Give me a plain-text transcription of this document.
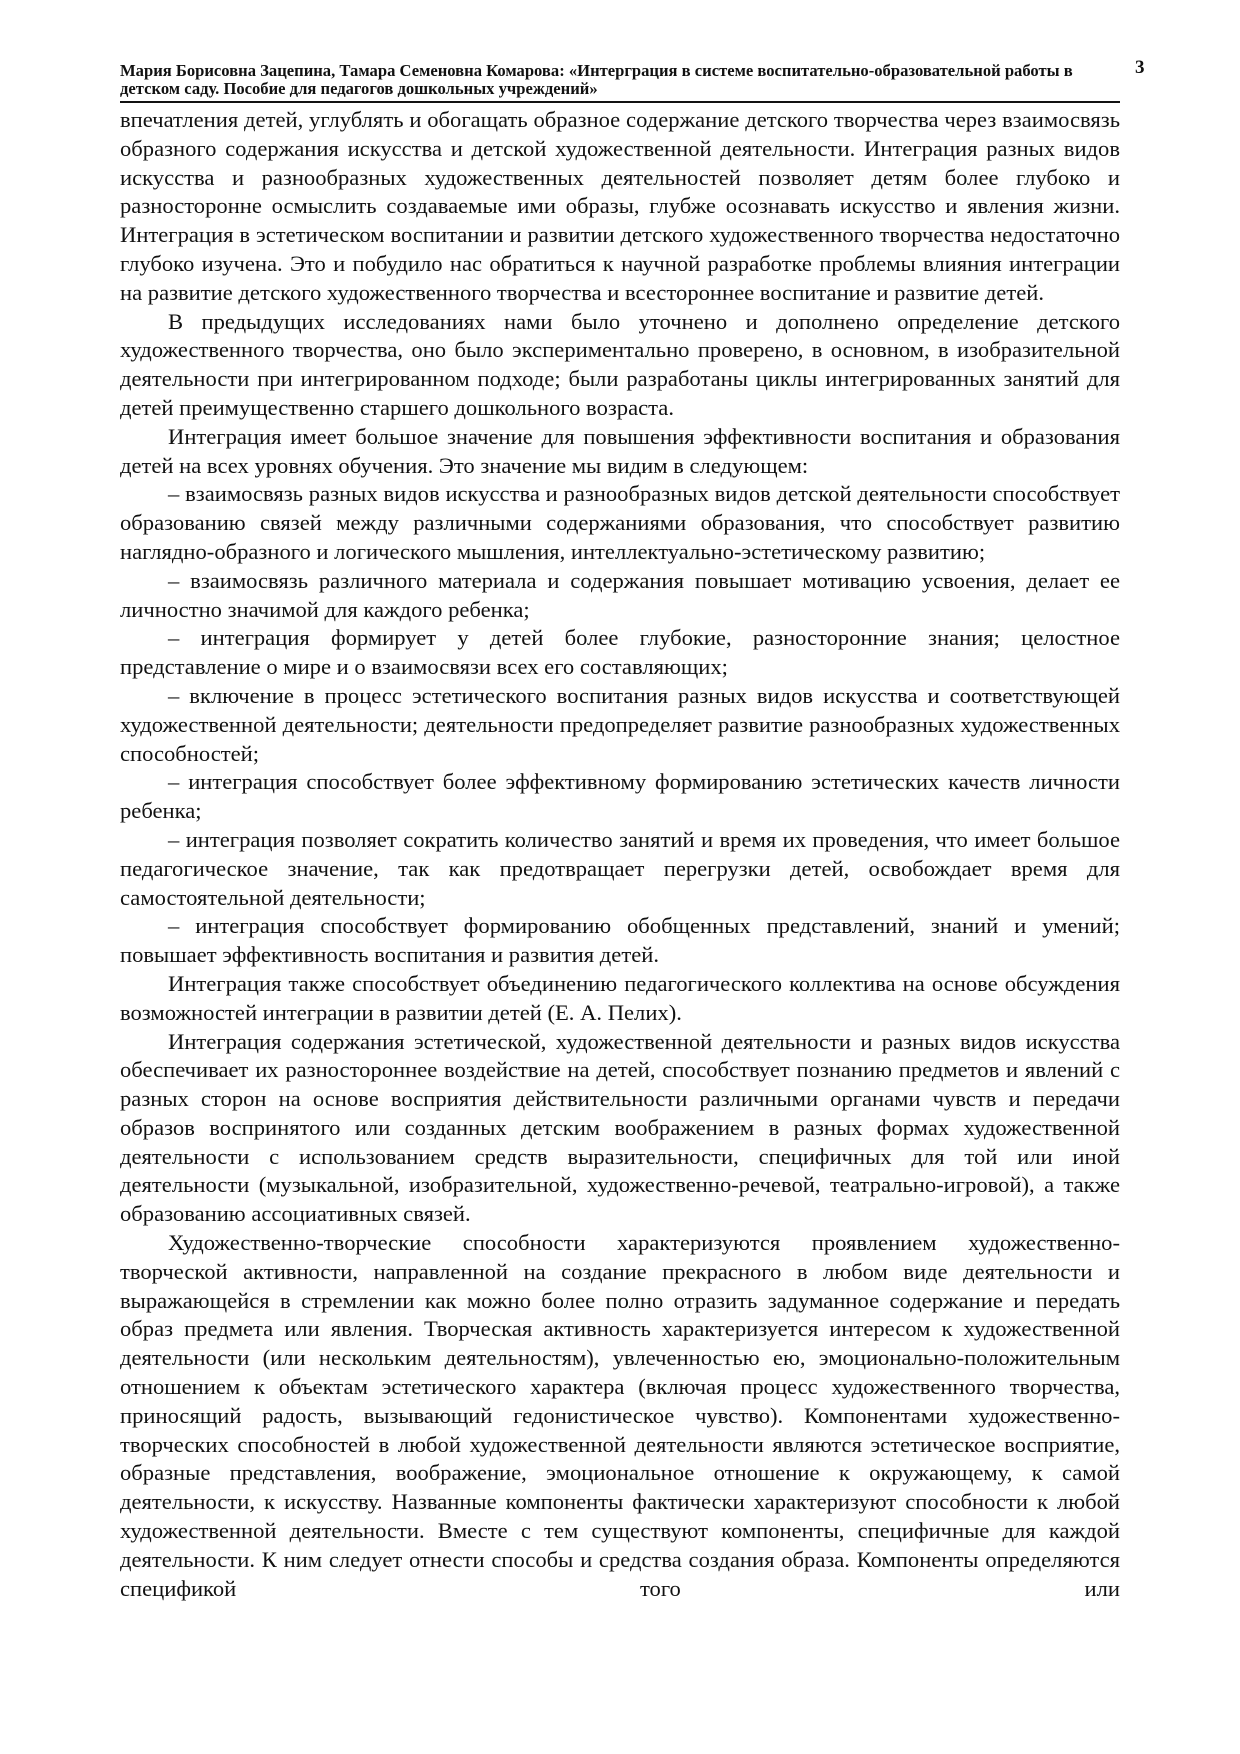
Мария Борисовна Зацепина, Тамара Семеновна Комарова: «Интергрaция в системе воспитательно-образовательной работы в детском саду. Пособие для педагогов дошкольных учреждений»

3

впечатления детей, углублять и обогащать образное содержание детского творчества через взаимосвязь образного содержания искусства и детской художественной деятельности. Интеграция разных видов искусства и разнообразных художественных деятельностей позволяет детям более глубоко и разносторонне осмыслить создаваемые ими образы, глубже осознавать искусство и явления жизни. Интеграция в эстетическом воспитании и развитии детского художественного творчества недостаточно глубоко изучена. Это и побудило нас обратиться к научной разработке проблемы влияния интеграции на развитие детского художественного творчества и всестороннее воспитание и развитие детей.

В предыдущих исследованиях нами было уточнено и дополнено определение детского художественного творчества, оно было экспериментально проверено, в основном, в изобразительной деятельности при интегрированном подходе; были разработаны циклы интегрированных занятий для детей преимущественно старшего дошкольного возраста.

Интеграция имеет большое значение для повышения эффективности воспитания и образования детей на всех уровнях обучения. Это значение мы видим в следующем:

– взаимосвязь разных видов искусства и разнообразных видов детской деятельности способствует образованию связей между различными содержаниями образования, что способствует развитию наглядно-образного и логического мышления, интеллектуально-эстетическому развитию;

– взаимосвязь различного материала и содержания повышает мотивацию усвоения, делает ее личностно значимой для каждого ребенка;

– интеграция формирует у детей более глубокие, разносторонние знания; целостное представление о мире и о взаимосвязи всех его составляющих;

– включение в процесс эстетического воспитания разных видов искусства и соответствующей художественной деятельности; деятельности предопределяет развитие разнообразных художественных способностей;

– интеграция способствует более эффективному формированию эстетических качеств личности ребенка;

– интеграция позволяет сократить количество занятий и время их проведения, что имеет большое педагогическое значение, так как предотвращает перегрузки детей, освобождает время для самостоятельной деятельности;

– интеграция способствует формированию обобщенных представлений, знаний и умений; повышает эффективность воспитания и развития детей.

Интеграция также способствует объединению педагогического коллектива на основе обсуждения возможностей интеграции в развитии детей (Е. А. Пелих).

Интеграция содержания эстетической, художественной деятельности и разных видов искусства обеспечивает их разностороннее воздействие на детей, способствует познанию предметов и явлений с разных сторон на основе восприятия действительности различными органами чувств и передачи образов воспринятого или созданных детским воображением в разных формах художественной деятельности с использованием средств выразительности, специфичных для той или иной деятельности (музыкальной, изобразительной, художественно-речевой, театрально-игровой), а также образованию ассоциативных связей.

Художественно-творческие способности характеризуются проявлением художественно-творческой активности, направленной на создание прекрасного в любом виде деятельности и выражающейся в стремлении как можно более полно отразить задуманное содержание и передать образ предмета или явления. Творческая активность характеризуется интересом к художественной деятельности (или нескольким деятельностям), увлеченностью ею, эмоционально-положительным отношением к объектам эстетического характера (включая процесс художественного творчества, приносящий радость, вызывающий гедонистическое чувство). Компонентами художественно-творческих способностей в любой художественной деятельности являются эстетическое восприятие, образные представления, воображение, эмоциональное отношение к окружающему, к самой деятельности, к искусству. Названные компоненты фактически характеризуют способности к любой художественной деятельности. Вместе с тем существуют компоненты, специфичные для каждой деятельности. К ним следует отнести способы и средства создания образа. Компоненты определяются спецификой того или
